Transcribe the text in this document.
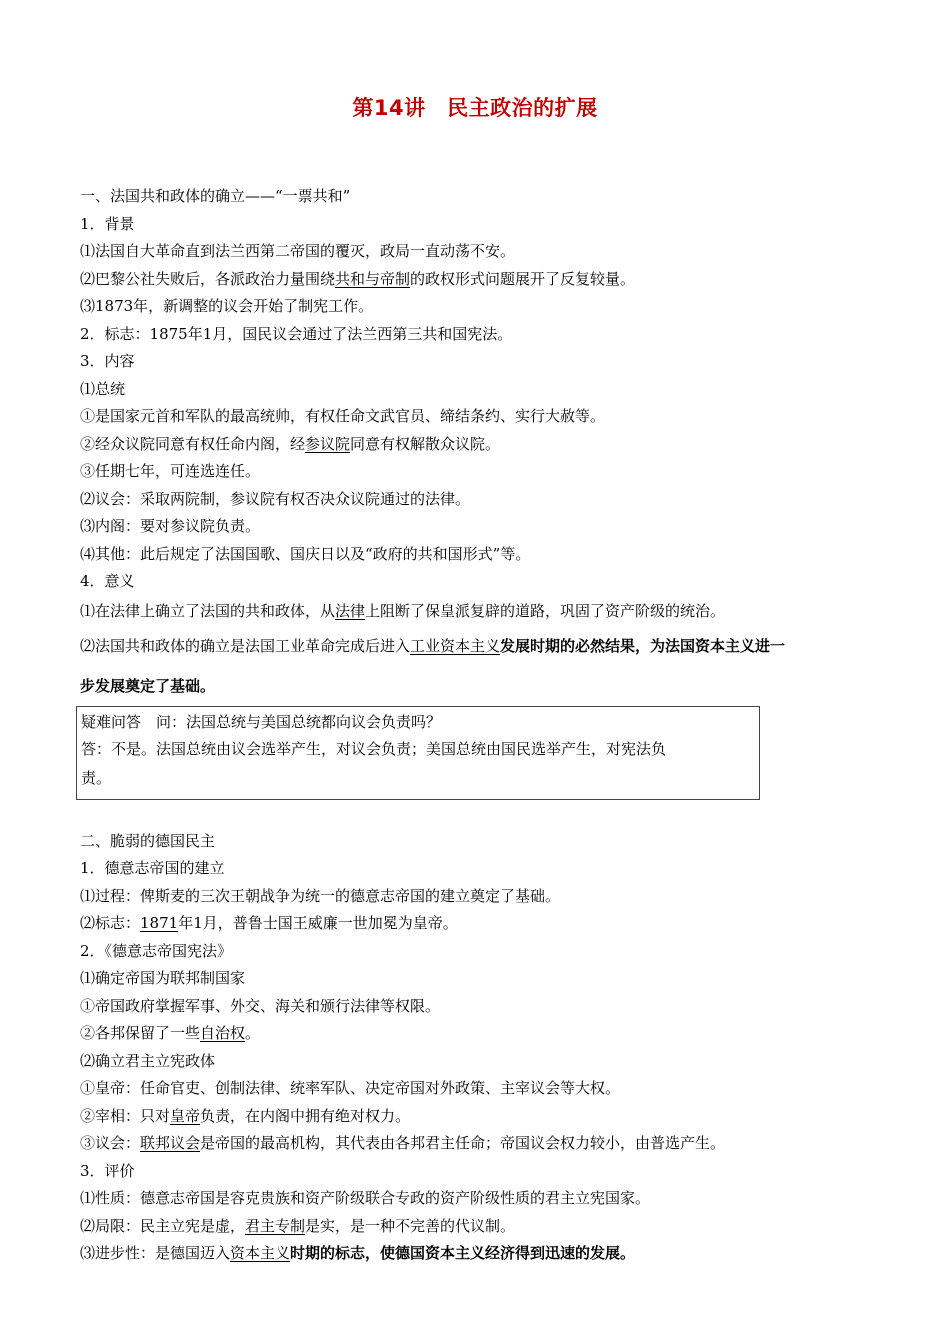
第14讲　民主政治的扩展
一、法国共和政体的确立——“一票共和”
1．背景
⑴法国自大革命直到法兰西第二帝国的覆灭，政局一直动荡不安。
⑵巴黎公社失败后，各派政治力量围绕共和与帝制的政权形式问题展开了反复较量。
⑶1873年，新调整的议会开始了制宪工作。
2．标志：1875年1月，国民议会通过了法兰西第三共和国宪法。
3．内容
⑴总统
①是国家元首和军队的最高统帅，有权任命文武官员、缔结条约、实行大赦等。
②经众议院同意有权任命内阁，经参议院同意有权解散众议院。
③任期七年，可连选连任。
⑵议会：采取两院制，参议院有权否决众议院通过的法律。
⑶内阁：要对参议院负责。
⑷其他：此后规定了法国国歌、国庆日以及“政府的共和国形式”等。
4．意义
⑴在法律上确立了法国的共和政体，从法律上阻断了保皇派复辟的道路，巩固了资产阶级的统治。
⑵法国共和政体的确立是法国工业革命完成后进入工业资本主义发展时期的必然结果，为法国资本主义进一
步发展奠定了基础。
疑难问答　问：法国总统与美国总统都向议会负责吗？
答：不是。法国总统由议会选举产生，对议会负责；美国总统由国民选举产生，对宪法负
责。
二、脆弱的德国民主
1．德意志帝国的建立
⑴过程：俾斯麦的三次王朝战争为统一的德意志帝国的建立奠定了基础。
⑵标志：1871年1月，普鲁士国王威廉一世加冕为皇帝。
2．《德意志帝国宪法》
⑴确定帝国为联邦制国家
①帝国政府掌握军事、外交、海关和颁行法律等权限。
②各邦保留了一些自治权。
⑵确立君主立宪政体
①皇帝：任命官吏、创制法律、统率军队、决定帝国对外政策、主宰议会等大权。
②宰相：只对皇帝负责，在内阁中拥有绝对权力。
③议会：联邦议会是帝国的最高机构，其代表由各邦君主任命；帝国议会权力较小，由普选产生。
3．评价
⑴性质：德意志帝国是容克贵族和资产阶级联合专政的资产阶级性质的君主立宪国家。
⑵局限：民主立宪是虚，君主专制是实，是一种不完善的代议制。
⑶进步性：是德国迈入资本主义时期的标志，使德国资本主义经济得到迅速的发展。
